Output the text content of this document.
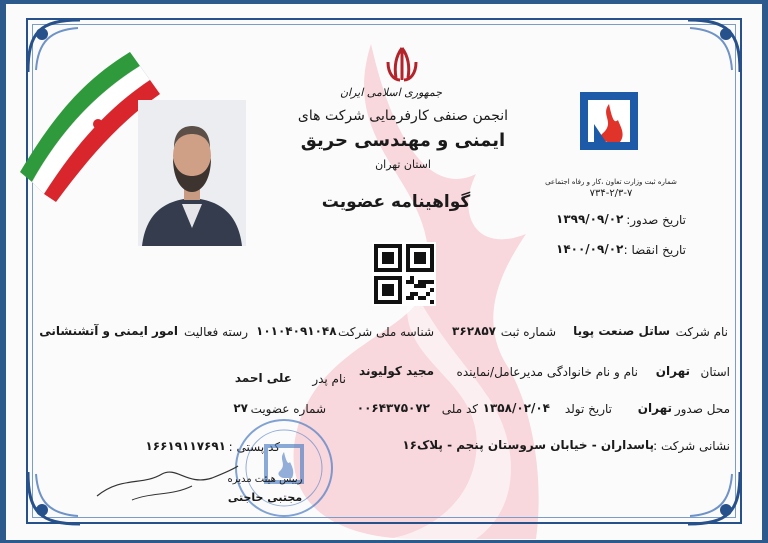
جمهوری اسلامی ایران
انجمن صنفی کارفرمایی شرکت های
ایمنی و مهندسی حریق
استان تهران
گواهینامه عضویت
شماره ثبت وزارت تعاون ،کار و رفاه اجتماعی
۷۳۴-۲/۳-۷
تاریخ صدور:
۱۳۹۹/۰۹/۰۲
تاریخ انقضا :
۱۴۰۰/۰۹/۰۲
نام شرکت
ساتل صنعت پویا
شماره ثبت
۳۶۲۸۵۷
شناسه ملی شرکت
۱۰۱۰۴۰۹۱۰۴۸
رسته فعالیت
امور ایمنی و آتشنشانی
استان
تهران
نام و نام خانوادگی مدیرعامل/نماینده
مجید کولیوند
نام پدر
علی احمد
محل صدور
تهران
تاریخ تولد
۱۳۵۸/۰۲/۰۴
کد ملی
۰۰۶۴۳۷۵۰۷۲
شماره عضویت
۲۷
نشانی شرکت :
پاسداران - خیابان سروستان پنجم - پلاک۱۶
کد پستی :
۱۶۶۱۹۱۱۷۶۹۱
رییس هیئت مدیره
مجتبی حاجتی
